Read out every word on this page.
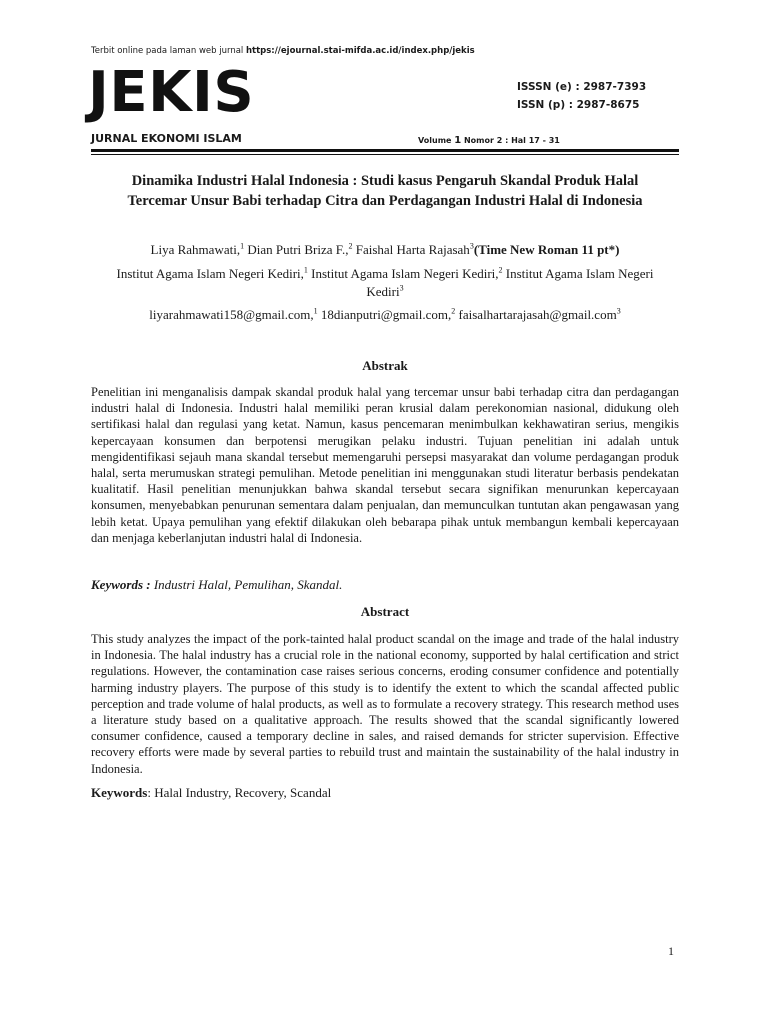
Terbit online pada laman web jurnal https://ejournal.stai-mifda.ac.id/index.php/jekis
JEKIS	ISSSN (e) : 2987-7393
ISSN (p) : 2987-8675
JURNAL EKONOMI ISLAM	Volume 1 Nomor 2 : Hal 17 - 31
Dinamika Industri Halal Indonesia : Studi kasus Pengaruh Skandal Produk Halal
Tercemar Unsur Babi terhadap Citra dan Perdagangan Industri Halal di Indonesia
Liya Rahmawati,$^1$ Dian Putri Briza F.,$^2$ Faishal Harta Rajasah$^3$(Time New Roman 11 pt*)
Institut Agama Islam Negeri Kediri,$^1$ Institut Agama Islam Negeri Kediri,$^2$ Institut Agama Islam Negeri
Kediri$^3$
liyarahmawati158@gmail.com,$^1$ 18dianputri@gmail.com,$^2$ faisalhartarajasah@gmail.com$^3$
Abstrak
Penelitian ini menganalisis dampak skandal produk halal yang tercemar unsur babi terhadap citra dan perdagangan industri halal di Indonesia. Industri halal memiliki peran krusial dalam perekonomian nasional, didukung oleh sertifikasi halal dan regulasi yang ketat. Namun, kasus pencemaran menimbulkan kekhawatiran serius, mengikis kepercayaan konsumen dan berpotensi merugikan pelaku industri. Tujuan penelitian ini adalah untuk mengidentifikasi sejauh mana skandal tersebut memengaruhi persepsi masyarakat dan volume perdagangan produk halal, serta merumuskan strategi pemulihan. Metode penelitian ini menggunakan studi literatur berbasis pendekatan kualitatif. Hasil penelitian menunjukkan bahwa skandal tersebut secara signifikan menurunkan kepercayaan konsumen, menyebabkan penurunan sementara dalam penjualan, dan memunculkan tuntutan akan pengawasan yang lebih ketat. Upaya pemulihan yang efektif dilakukan oleh bebarapa pihak untuk membangun kembali kepercayaan dan menjaga keberlanjutan industri halal di Indonesia.
Keywords : Industri Halal, Pemulihan, Skandal.
Abstract
This study analyzes the impact of the pork-tainted halal product scandal on the image and trade of the halal industry in Indonesia. The halal industry has a crucial role in the national economy, supported by halal certification and strict regulations. However, the contamination case raises serious concerns, eroding consumer confidence and potentially harming industry players. The purpose of this study is to identify the extent to which the scandal affected public perception and trade volume of halal products, as well as to formulate a recovery strategy. This research method uses a literature study based on a qualitative approach. The results showed that the scandal significantly lowered consumer confidence, caused a temporary decline in sales, and raised demands for stricter supervision. Effective recovery efforts were made by several parties to rebuild trust and maintain the sustainability of the halal industry in Indonesia.
Keywords: Halal Industry, Recovery, Scandal
1
